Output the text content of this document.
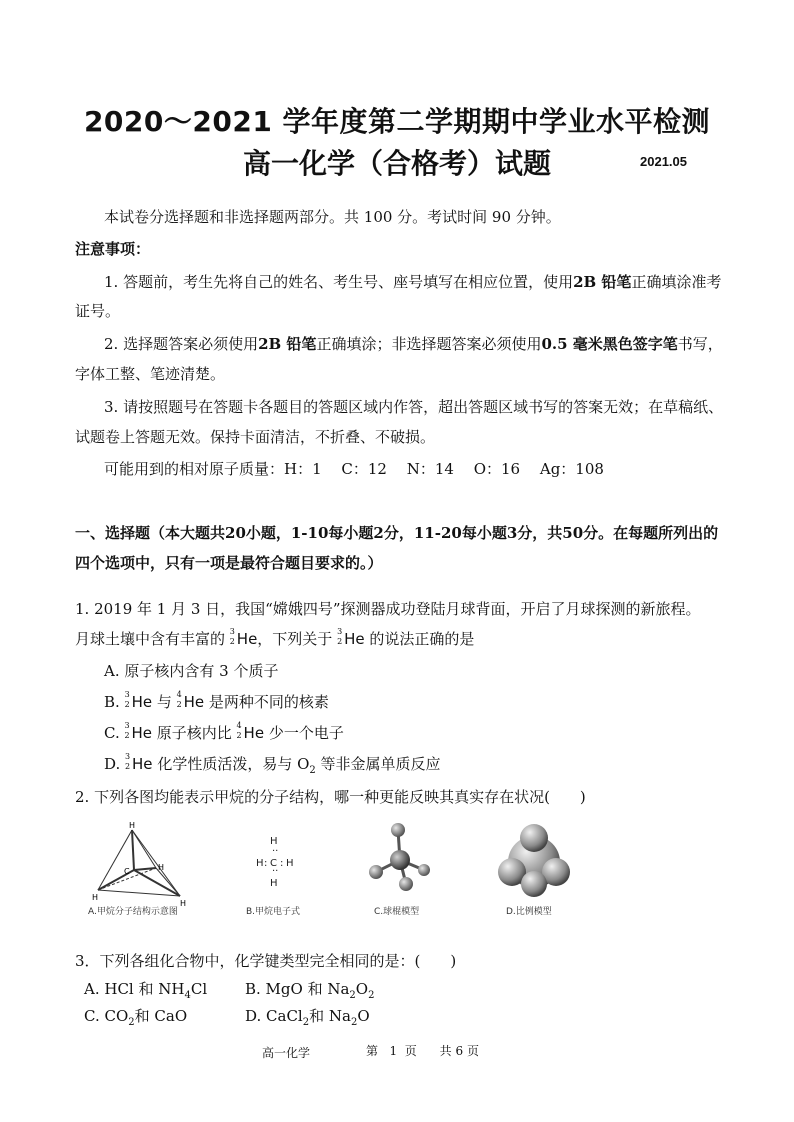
2020～2021 学年度第二学期期中学业水平检测
高一化学（合格考）试题	2021.05
本试卷分选择题和非选择题两部分。共 100 分。考试时间 90 分钟。
注意事项：
1. 答题前，考生先将自己的姓名、考生号、座号填写在相应位置，使用2B 铅笔正确填涂准考
证号。
2. 选择题答案必须使用2B 铅笔正确填涂；非选择题答案必须使用0.5 毫米黑色签字笔书写，
字体工整、笔迹清楚。
3. 请按照题号在答题卡各题目的答题区域内作答，超出答题区域书写的答案无效；在草稿纸、
试题卷上答题无效。保持卡面清洁，不折叠、不破损。
可能用到的相对原子质量：H：1　 C：12　 N：14　 O：16　 Ag：108
一、选择题（本大题共20小题，1-10每小题2分，11-20每小题3分，共50分。在每题所列出的
四个选项中，只有一项是最符合题目要求的。）
1. 2019 年 1 月 3 日，我国“嫦娥四号”探测器成功登陆月球背面，开启了月球探测的新旅程。
月球土壤中含有丰富的 3
2 He，下列关于 3
2 He 的说法正确的是
A. 原子核内含有 3 个质子
B. 3
2 He 与 4
2 He 是两种不同的核素
C. 3
2 He 原子核内比 4
2 He 少一个电子
D. 3
2 He 化学性质活泼，易与 $O_2$ 等非金属单质反应
2. 下列各图均能表示甲烷的分子结构，哪一种更能反映其真实存在状况(　　)
H
C	H
H
H
A.甲烷分子结构示意图
H
··
H : C : H
··
H
B.甲烷电子式	C.球棍模型	D.比例模型
3．下列各组化合物中，化学键类型完全相同的是：(　　)
A. HCl 和 $NH_4Cl$	B. MgO 和 $Na_2O_2$
C. $CO_2$和 CaO	D. CaCl$_2$和 $Na_2O$
高一化学	第 1 页 共 6 页
